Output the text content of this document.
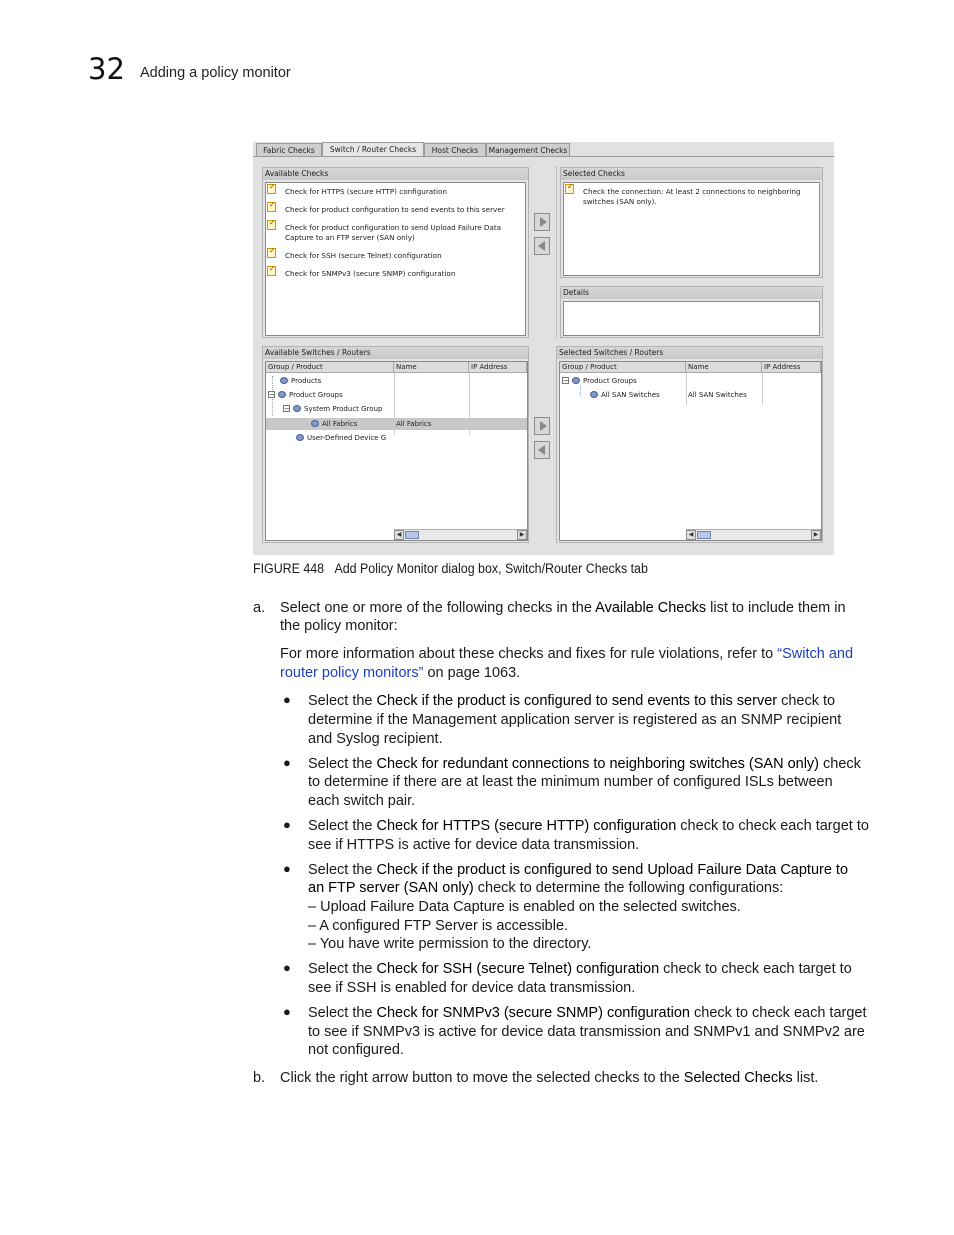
32 Adding a policy monitor
Fabric Checks	Switch / Router Checks	Host Checks	Management Checks
Available Checks
✓
Check for HTTPS (secure HTTP) configuration
✓
Check for product configuration to send events to this server
✓
Check for product configuration to send Upload Failure Data
Capture to an FTP server (SAN only)
✓
Check for SSH (secure Telnet) configuration
✓
Check for SNMPv3 (secure SNMP) configuration
Selected Checks
✓
Check the connection: At least 2 connections to neighboring
switches (SAN only).
Details
Available Switches / Routers
Group / Product	Name	IP Address
Products
− Product Groups
− System Product Group
All Fabrics	All Fabrics
User-Defined Device G
◀	▶
Selected Switches / Routers
Group / Product	Name	IP Address
− Product Groups
All SAN Switches	All SAN Switches
◀	▶
FIGURE 448 Add Policy Monitor dialog box, Switch/Router Checks tab
a. Select one or more of the following checks in the Available Checks list to include them in
the policy monitor:
For more information about these checks and fixes for rule violations, refer to “Switch and
router policy monitors” on page 1063.
● Select the Check if the product is configured to send events to this server check to
determine if the Management application server is registered as an SNMP recipient
and Syslog recipient.
● Select the Check for redundant connections to neighboring switches (SAN only) check
to determine if there are at least the minimum number of configured ISLs between
each switch pair.
● Select the Check for HTTPS (secure HTTP) configuration check to check each target to
see if HTTPS is active for device data transmission.
● Select the Check if the product is configured to send Upload Failure Data Capture to
an FTP server (SAN only) check to determine the following configurations:
– Upload Failure Data Capture is enabled on the selected switches.
– A configured FTP Server is accessible.
– You have write permission to the directory.
● Select the Check for SSH (secure Telnet) configuration check to check each target to
see if SSH is enabled for device data transmission.
● Select the Check for SNMPv3 (secure SNMP) configuration check to check each target
to see if SNMPv3 is active for device data transmission and SNMPv1 and SNMPv2 are
not configured.
b. Click the right arrow button to move the selected checks to the Selected Checks list.
